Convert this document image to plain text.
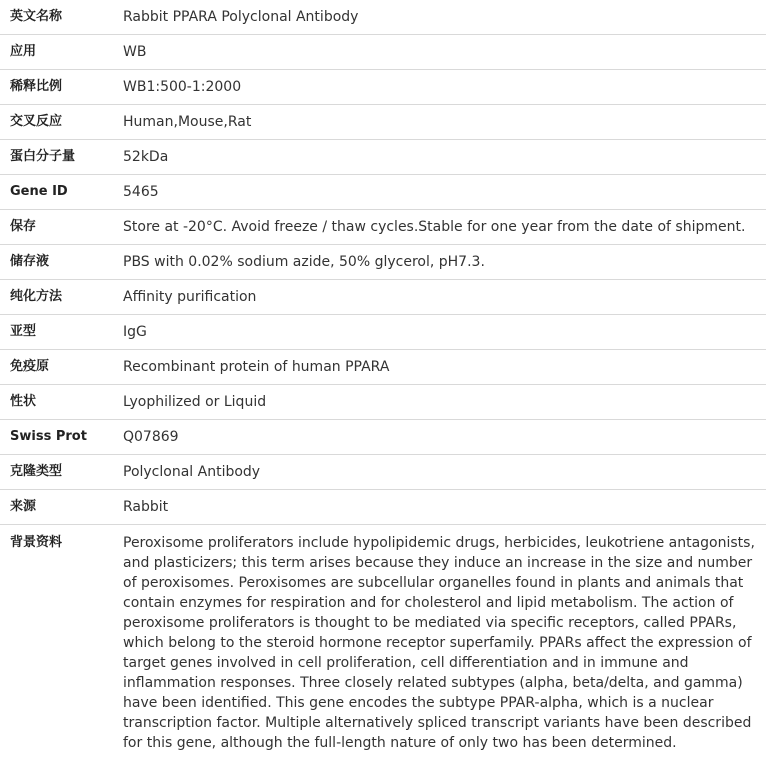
英文名称	Rabbit PPARA Polyclonal Antibody
应用	WB
稀释比例	WB1:500-1:2000
交叉反应	Human,Mouse,Rat
蛋白分子量	52kDa
Gene ID	5465
保存	Store at -20°C. Avoid freeze / thaw cycles.Stable for one year from the date of shipment.
储存液	PBS with 0.02% sodium azide, 50% glycerol, pH7.3.
纯化方法	Affinity purification
亚型	IgG
免疫原	Recombinant protein of human PPARA
性状	Lyophilized or Liquid
Swiss Prot	Q07869
克隆类型	Polyclonal Antibody
来源	Rabbit
背景资料	Peroxisome proliferators include hypolipidemic drugs, herbicides, leukotriene antagonists, and plasticizers; this term arises because they induce an increase in the size and number of peroxisomes. Peroxisomes are subcellular organelles found in plants and animals that contain enzymes for respiration and for cholesterol and lipid metabolism. The action of peroxisome proliferators is thought to be mediated via specific receptors, called PPARs, which belong to the steroid hormone receptor superfamily. PPARs affect the expression of target genes involved in cell proliferation, cell differentiation and in immune and inflammation responses. Three closely related subtypes (alpha, beta/delta, and gamma) have been identified. This gene encodes the subtype PPAR-alpha, which is a nuclear transcription factor. Multiple alternatively spliced transcript variants have been described for this gene, although the full-length nature of only two has been determined.
